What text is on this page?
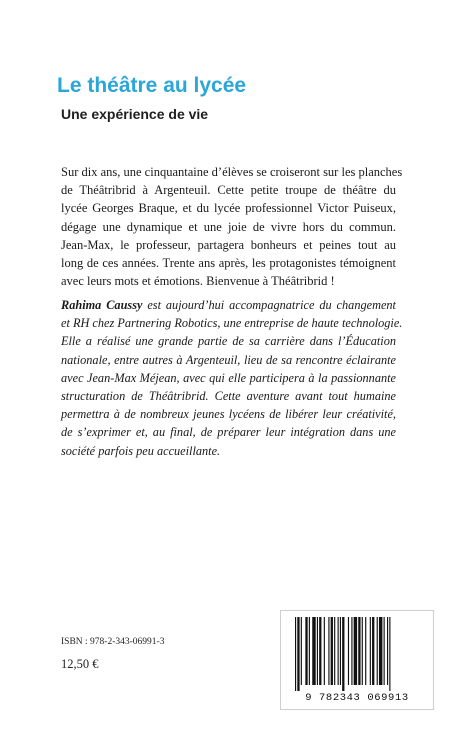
Le théâtre au lycée
Une expérience de vie
Sur dix ans, une cinquantaine d’élèves se croiseront sur les planches
de Théâtribrid à Argenteuil. Cette petite troupe de théâtre du
lycée Georges Braque, et du lycée professionnel Victor Puiseux,
dégage une dynamique et une joie de vivre hors du commun.
Jean-Max, le professeur, partagera bonheurs et peines tout au
long de ces années. Trente ans après, les protagonistes témoignent
avec leurs mots et émotions. Bienvenue à Théâtribrid !
Rahima Caussy est aujourd’hui accompagnatrice du changement
et RH chez Partnering Robotics, une entreprise de haute technologie.
Elle a réalisé une grande partie de sa carrière dans l’Éducation
nationale, entre autres à Argenteuil, lieu de sa rencontre éclairante
avec Jean-Max Méjean, avec qui elle participera à la passionnante
structuration de Théâtribrid. Cette aventure avant tout humaine
permettra à de nombreux jeunes lycéens de libérer leur créativité,
de s’exprimer et, au final, de préparer leur intégration dans une
société parfois peu accueillante.
ISBN : 978-2-343-06991-3
12,50 €
9 782343 069913
